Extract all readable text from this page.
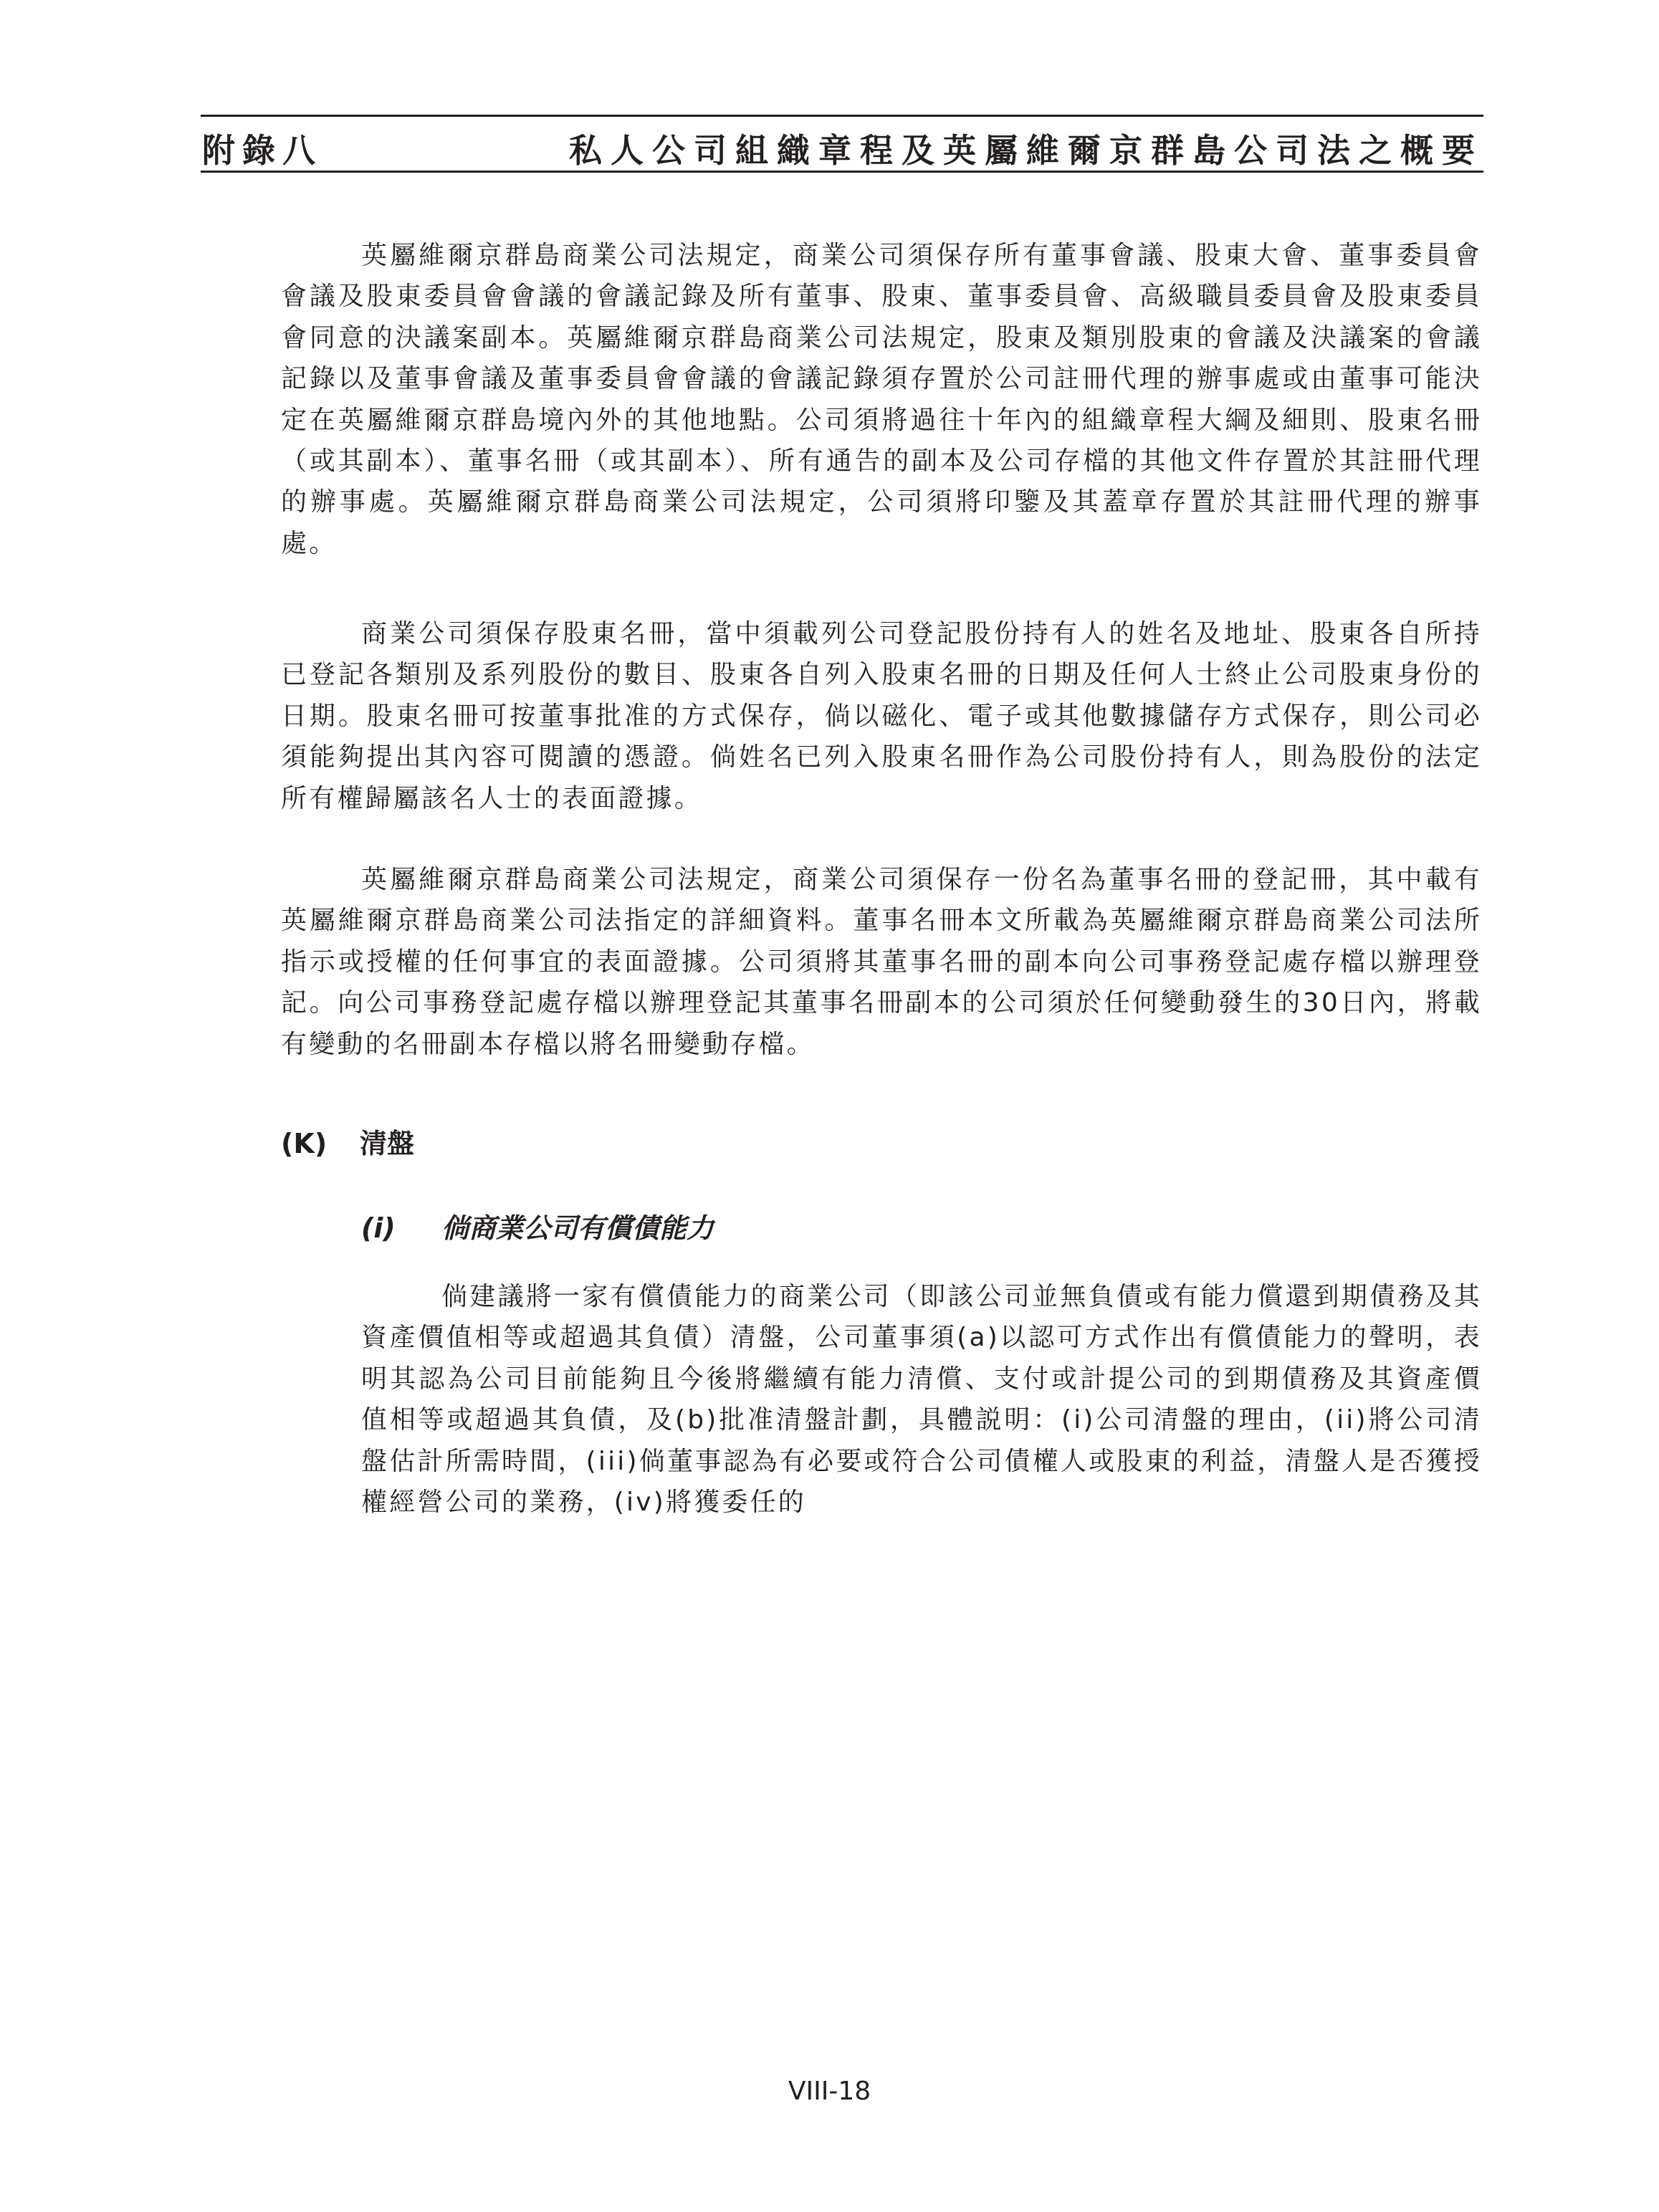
附錄八	私人公司組織章程及英屬維爾京群島公司法之概要

英屬維爾京群島商業公司法規定，商業公司須保存所有董事會議、股東大會、董事委員會會議及股東委員會會議的會議記錄及所有董事、股東、董事委員會、高級職員委員會及股東委員會同意的決議案副本。英屬維爾京群島商業公司法規定，股東及類別股東的會議及決議案的會議記錄以及董事會議及董事委員會會議的會議記錄須存置於公司註冊代理的辦事處或由董事可能決定在英屬維爾京群島境內外的其他地點。公司須將過往十年內的組織章程大綱及細則、股東名冊（或其副本）、董事名冊（或其副本）、所有通告的副本及公司存檔的其他文件存置於其註冊代理的辦事處。英屬維爾京群島商業公司法規定，公司須將印鑒及其蓋章存置於其註冊代理的辦事處。

商業公司須保存股東名冊，當中須載列公司登記股份持有人的姓名及地址、股東各自所持已登記各類別及系列股份的數目、股東各自列入股東名冊的日期及任何人士終止公司股東身份的日期。股東名冊可按董事批准的方式保存，倘以磁化、電子或其他數據儲存方式保存，則公司必須能夠提出其內容可閱讀的憑證。倘姓名已列入股東名冊作為公司股份持有人，則為股份的法定所有權歸屬該名人士的表面證據。

英屬維爾京群島商業公司法規定，商業公司須保存一份名為董事名冊的登記冊，其中載有英屬維爾京群島商業公司法指定的詳細資料。董事名冊本文所載為英屬維爾京群島商業公司法所指示或授權的任何事宜的表面證據。公司須將其董事名冊的副本向公司事務登記處存檔以辦理登記。向公司事務登記處存檔以辦理登記其董事名冊副本的公司須於任何變動發生的30日內，將載有變動的名冊副本存檔以將名冊變動存檔。

(K) 清盤
(i) 倘商業公司有償債能力

倘建議將一家有償債能力的商業公司（即該公司並無負債或有能力償還到期債務及其資產價值相等或超過其負債）清盤，公司董事須(a)以認可方式作出有償債能力的聲明，表明其認為公司目前能夠且今後將繼續有能力清償、支付或計提公司的到期債務及其資產價值相等或超過其負債，及(b)批准清盤計劃，具體説明：(i)公司清盤的理由，(ii)將公司清盤估計所需時間，(iii)倘董事認為有必要或符合公司債權人或股東的利益，清盤人是否獲授權經營公司的業務，(iv)將獲委任的

VIII-18
